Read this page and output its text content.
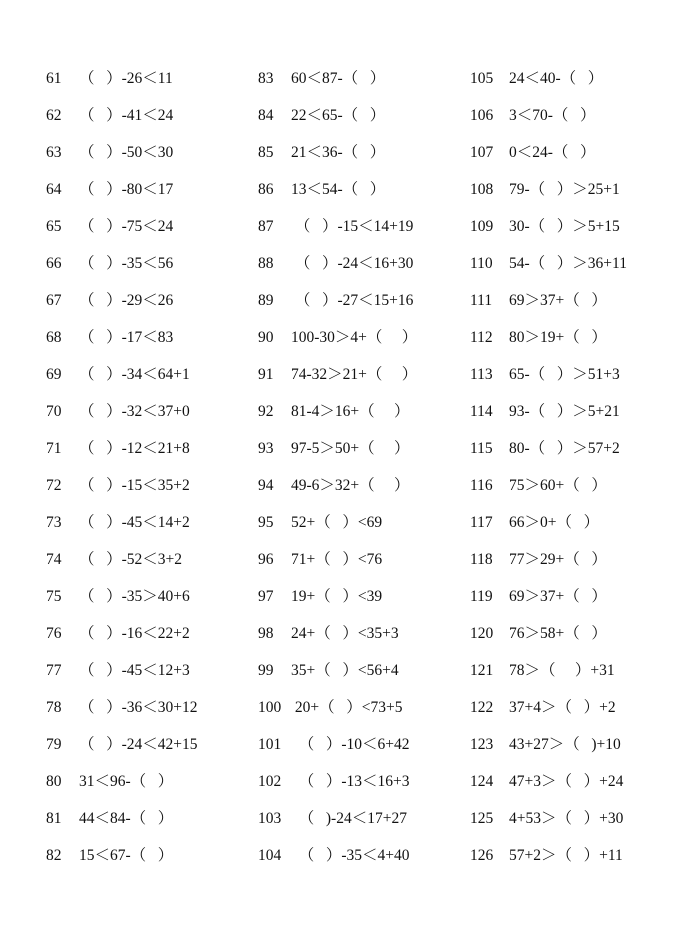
61 （   ）-26＜11
62 （   ）-41＜24
63 （   ）-50＜30
64 （   ）-80＜17
65 （   ）-75＜24
66 （   ）-35＜56
67 （   ）-29＜26
68 （   ）-17＜83
69 （   ）-34＜64+1
70 （   ）-32＜37+0
71 （   ）-12＜21+8
72 （   ）-15＜35+2
73 （   ）-45＜14+2
74 （   ）-52＜3+2
75 （   ）-35＞40+6
76 （   ）-16＜22+2
77 （   ）-45＜12+3
78 （   ）-36＜30+12
79 （   ）-24＜42+15
80 31＜96-（   ）
81 44＜84-（   ）
82 15＜67-（   ）
83 60＜87-（   ）
84 22＜65-（   ）
85 21＜36-（   ）
86 13＜54-（   ）
87 （   ）-15＜14+19
88 （   ）-24＜16+30
89 （   ）-27＜15+16
90 100-30＞4+（     ）
91 74-32＞21+（     ）
92 81-4＞16+（     ）
93 97-5＞50+（     ）
94 49-6＞32+（     ）
95 52+（   ）<69
96 71+（   ）<76
97 19+（   ）<39
98 24+（   ）<35+3
99 35+（   ）<56+4
100 20+（   ）<73+5
101  （   ）-10＜6+42
102  （   ）-13＜16+3
103  （   )-24＜17+27
104  （   ）-35＜4+40
105 24＜40-（   ）
106 3＜70-（   ）
107 0＜24-（   ）
108 79-（   ）＞25+1
109 30-（   ）＞5+15
110 54-（   ）＞36+11
111 69＞37+（   ）
112 80＞19+（   ）
113 65-（   ）＞51+3
114 93-（   ）＞5+21
115 80-（   ）＞57+2
116 75＞60+（   ）
117 66＞0+（   ）
118 77＞29+（   ）
119 69＞37+（   ）
120 76＞58+（   ）
121 78＞（     ）+31
122 37+4＞（   ）+2
123 43+27＞（   )+10
124 47+3＞（   ）+24
125 4+53＞（   ）+30
126 57+2＞（   ）+11
